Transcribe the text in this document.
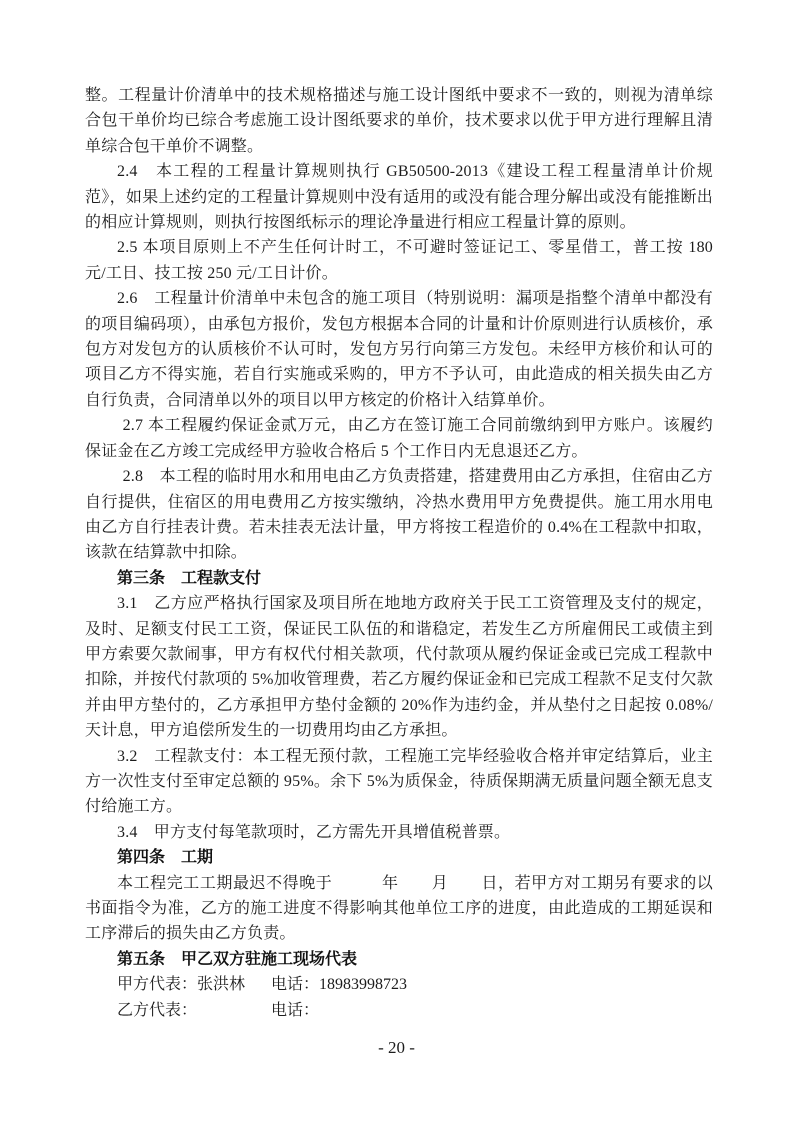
整。工程量计价清单中的技术规格描述与施工设计图纸中要求不一致的，则视为清单综合包干单价均已综合考虑施工设计图纸要求的单价，技术要求以优于甲方进行理解且清单综合包干单价不调整。

2.4　本工程的工程量计算规则执行 GB50500-2013《建设工程工程量清单计价规范》，如果上述约定的工程量计算规则中没有适用的或没有能合理分解出或没有能推断出的相应计算规则，则执行按图纸标示的理论净量进行相应工程量计算的原则。

2.5 本项目原则上不产生任何计时工，不可避时签证记工、零星借工，普工按 180 元/工日、技工按 250 元/工日计价。

2.6　工程量计价清单中未包含的施工项目（特别说明：漏项是指整个清单中都没有的项目编码项），由承包方报价，发包方根据本合同的计量和计价原则进行认质核价，承包方对发包方的认质核价不认可时，发包方另行向第三方发包。未经甲方核价和认可的项目乙方不得实施，若自行实施或采购的，甲方不予认可，由此造成的相关损失由乙方自行负责，合同清单以外的项目以甲方核定的价格计入结算单价。

2.7 本工程履约保证金贰万元，由乙方在签订施工合同前缴纳到甲方账户。该履约保证金在乙方竣工完成经甲方验收合格后 5 个工作日内无息退还乙方。

2.8　本工程的临时用水和用电由乙方负责搭建，搭建费用由乙方承担，住宿由乙方自行提供，住宿区的用电费用乙方按实缴纳，冷热水费用甲方免费提供。施工用水用电由乙方自行挂表计费。若未挂表无法计量，甲方将按工程造价的 0.4%在工程款中扣取，该款在结算款中扣除。

第三条　工程款支付

3.1　乙方应严格执行国家及项目所在地地方政府关于民工工资管理及支付的规定，及时、足额支付民工工资，保证民工队伍的和谐稳定，若发生乙方所雇佣民工或债主到甲方索要欠款闹事，甲方有权代付相关款项，代付款项从履约保证金或已完成工程款中扣除，并按代付款项的 5%加收管理费，若乙方履约保证金和已完成工程款不足支付欠款并由甲方垫付的，乙方承担甲方垫付金额的 20%作为违约金，并从垫付之日起按 0.08%/天计息，甲方追偿所发生的一切费用均由乙方承担。

3.2　工程款支付：本工程无预付款，工程施工完毕经验收合格并审定结算后，业主方一次性支付至审定总额的 95%。余下 5%为质保金，待质保期满无质量问题全额无息支付给施工方。

3.4　甲方支付每笔款项时，乙方需先开具增值税普票。

第四条　工期

本工程完工工期最迟不得晚于　　　年　　月　　日，若甲方对工期另有要求的以书面指令为准，乙方的施工进度不得影响其他单位工序的进度，由此造成的工期延误和工序滞后的损失由乙方负责。

第五条　甲乙双方驻施工现场代表
甲方代表：张洪林 电话：18983998723
乙方代表：	电话：
- 20 -
